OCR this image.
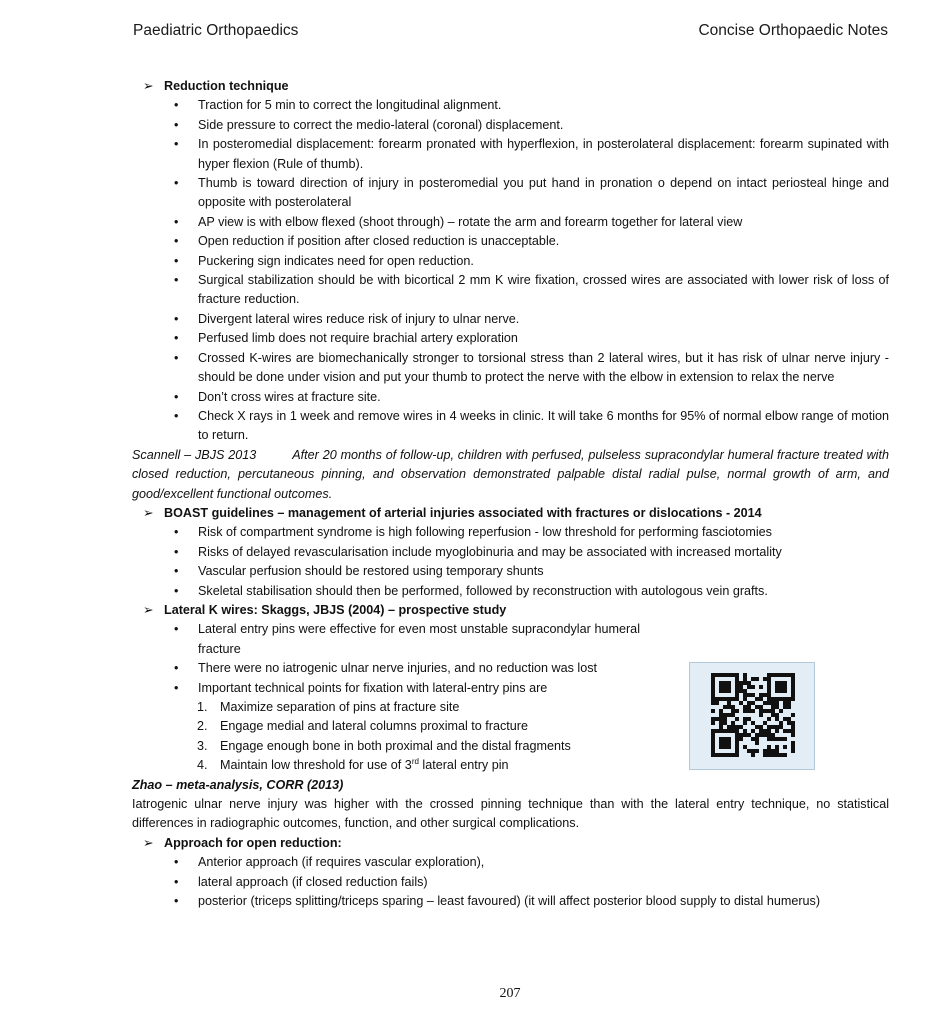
Paediatric Orthopaedics	Concise Orthopaedic Notes
➢ Reduction technique
• Traction for 5 min to correct the longitudinal alignment.
• Side pressure to correct the medio-lateral (coronal) displacement.
• In posteromedial displacement: forearm pronated with hyperflexion, in posterolateral displacement: forearm supinated with hyper flexion (Rule of thumb).
• Thumb is toward direction of injury in posteromedial you put hand in pronation o depend on intact periosteal hinge and opposite with posterolateral
• AP view is with elbow flexed (shoot through) – rotate the arm and forearm together for lateral view
• Open reduction if position after closed reduction is unacceptable.
• Puckering sign indicates need for open reduction.
• Surgical stabilization should be with bicortical 2 mm K wire fixation, crossed wires are associated with lower risk of loss of fracture reduction.
• Divergent lateral wires reduce risk of injury to ulnar nerve.
• Perfused limb does not require brachial artery exploration
• Crossed K-wires are biomechanically stronger to torsional stress than 2 lateral wires, but it has risk of ulnar nerve injury - should be done under vision and put your thumb to protect the nerve with the elbow in extension to relax the nerve
• Don’t cross wires at fracture site.
• Check X rays in 1 week and remove wires in 4 weeks in clinic. It will take 6 months for 95% of normal elbow range of motion to return.
Scannell – JBJS 2013	After 20 months of follow-up, children with perfused, pulseless supracondylar humeral fracture treated with closed reduction, percutaneous pinning, and observation demonstrated palpable distal radial pulse, normal growth of arm, and good/excellent functional outcomes.
➢ BOAST guidelines – management of arterial injuries associated with fractures or dislocations - 2014
• Risk of compartment syndrome is high following reperfusion - low threshold for performing fasciotomies
• Risks of delayed revascularisation include myoglobinuria and may be associated with increased mortality
• Vascular perfusion should be restored using temporary shunts
• Skeletal stabilisation should then be performed, followed by reconstruction with autologous vein grafts.
➢ Lateral K wires: Skaggs, JBJS (2004) – prospective study
• Lateral entry pins were effective for even most unstable supracondylar humeral fracture
• There were no iatrogenic ulnar nerve injuries, and no reduction was lost
• Important technical points for fixation with lateral-entry pins are
1. Maximize separation of pins at fracture site
2. Engage medial and lateral columns proximal to fracture
3. Engage enough bone in both proximal and the distal fragments
4. Maintain low threshold for use of 3rd lateral entry pin
Zhao – meta-analysis, CORR (2013)
Iatrogenic ulnar nerve injury was higher with the crossed pinning technique than with the lateral entry technique, no statistical differences in radiographic outcomes, function, and other surgical complications.
➢ Approach for open reduction:
• Anterior approach (if requires vascular exploration),
• lateral approach (if closed reduction fails)
• posterior (triceps splitting/triceps sparing – least favoured) (it will affect posterior blood supply to distal humerus)
207
